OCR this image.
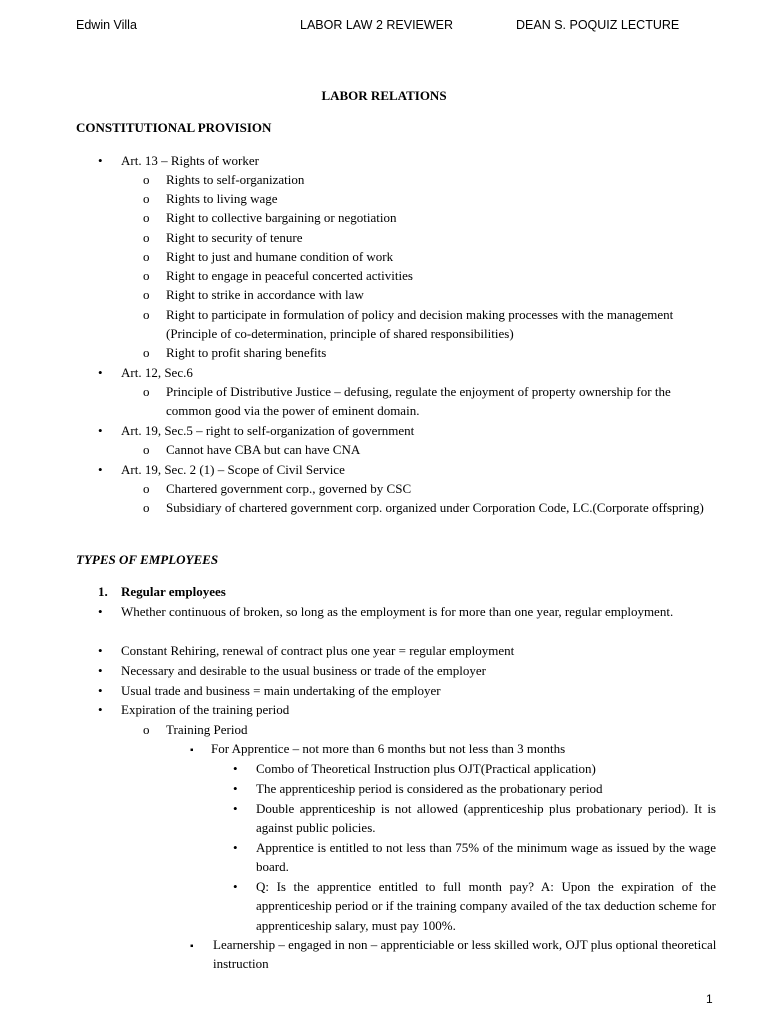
Edwin Villa	LABOR LAW 2 REVIEWER	DEAN S. POQUIZ LECTURE
LABOR RELATIONS
CONSTITUTIONAL PROVISION
• Art. 13 – Rights of worker
o Rights to self-organization
o Rights to living wage
o Right to collective bargaining or negotiation
o Right to security of tenure
o Right to just and humane condition of work
o Right to engage in peaceful concerted activities
o Right to strike in accordance with law
o Right to participate in formulation of policy and decision making processes with the management (Principle of co-determination, principle of shared responsibilities)
o Right to profit sharing benefits
• Art. 12, Sec.6
o Principle of Distributive Justice – defusing, regulate the enjoyment of property ownership for the common good via the power of eminent domain.
• Art. 19, Sec.5 – right to self-organization of government
o Cannot have CBA but can have CNA
• Art. 19, Sec. 2 (1) – Scope of Civil Service
o Chartered government corp., governed by CSC
o Subsidiary of chartered government corp. organized under Corporation Code, LC.(Corporate offspring)
TYPES OF EMPLOYEES
1. Regular employees
• Whether continuous of broken, so long as the employment is for more than one year, regular employment.
• Constant Rehiring, renewal of contract plus one year = regular employment
• Necessary and desirable to the usual business or trade of the employer
• Usual trade and business = main undertaking of the employer
• Expiration of the training period
o Training Period
▪ For Apprentice – not more than 6 months but not less than 3 months
• Combo of Theoretical Instruction plus OJT(Practical application)
• The apprenticeship period is considered as the probationary period
• Double apprenticeship is not allowed (apprenticeship plus probationary period). It is against public policies.
• Apprentice is entitled to not less than 75% of the minimum wage as issued by the wage board.
• Q: Is the apprentice entitled to full month pay? A: Upon the expiration of the apprenticeship period or if the training company availed of the tax deduction scheme for apprenticeship salary, must pay 100%.
▪ Learnership – engaged in non – apprenticiable or less skilled work, OJT plus optional theoretical instruction
1
